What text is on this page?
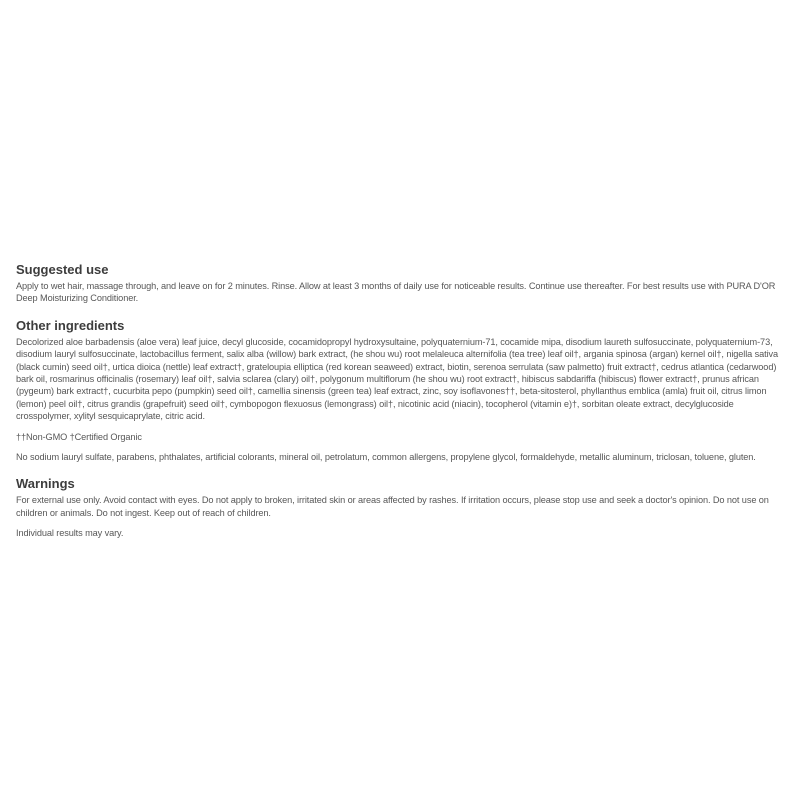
Suggested use

Apply to wet hair, massage through, and leave on for 2 minutes. Rinse. Allow at least 3 months of daily use for noticeable results. Continue use thereafter. For best results use with PURA D'OR Deep Moisturizing Conditioner.

Other ingredients

Decolorized aloe barbadensis (aloe vera) leaf juice, decyl glucoside, cocamidopropyl hydroxysultaine, polyquaternium-71, cocamide mipa, disodium laureth sulfosuccinate, polyquaternium-73, disodium lauryl sulfosuccinate, lactobacillus ferment, salix alba (willow) bark extract, (he shou wu) root melaleuca alternifolia (tea tree) leaf oil†, argania spinosa (argan) kernel oil†, nigella sativa (black cumin) seed oil†, urtica dioica (nettle) leaf extract†, grateloupia elliptica (red korean seaweed) extract, biotin, serenoa serrulata (saw palmetto) fruit extract†, cedrus atlantica (cedarwood) bark oil, rosmarinus officinalis (rosemary) leaf oil†, salvia sclarea (clary) oil†, polygonum multiflorum (he shou wu) root extract†, hibiscus sabdariffa (hibiscus) flower extract†, prunus african (pygeum) bark extract†, cucurbita pepo (pumpkin) seed oil†, camellia sinensis (green tea) leaf extract, zinc, soy isoflavones††, beta-sitosterol, phyllanthus emblica (amla) fruit oil, citrus limon (lemon) peel oil†, citrus grandis (grapefruit) seed oil†, cymbopogon flexuosus (lemongrass) oil†, nicotinic acid (niacin), tocopherol (vitamin e)†, sorbitan oleate extract, decylglucoside crosspolymer, xylityl sesquicaprylate, citric acid.

††Non-GMO †Certified Organic

No sodium lauryl sulfate, parabens, phthalates, artificial colorants, mineral oil, petrolatum, common allergens, propylene glycol, formaldehyde, metallic aluminum, triclosan, toluene, gluten.

Warnings

For external use only. Avoid contact with eyes. Do not apply to broken, irritated skin or areas affected by rashes. If irritation occurs, please stop use and seek a doctor's opinion. Do not use on children or animals. Do not ingest. Keep out of reach of children.

Individual results may vary.
